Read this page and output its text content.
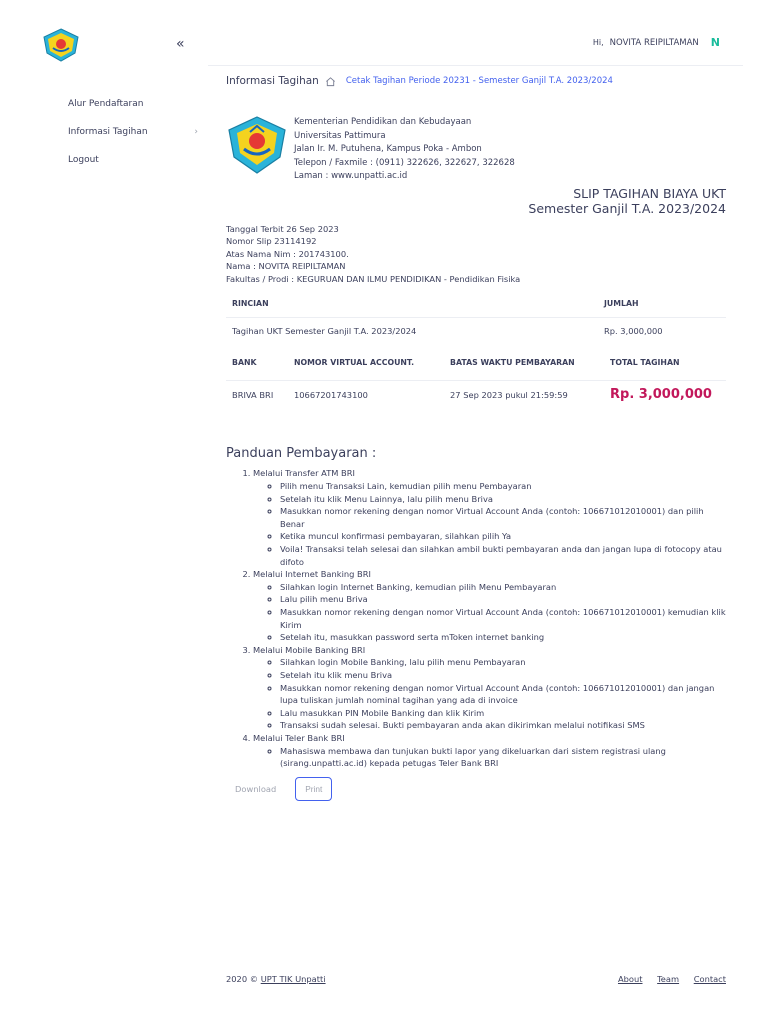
«
Alur Pendaftaran
Informasi Tagihan	›
Logout
Hi, NOVITA REIPILTAMAN N
Informasi Tagihan	Cetak Tagihan Periode 20231 - Semester Ganjil T.A. 2023/2024
Kementerian Pendidikan dan Kebudayaan
Universitas Pattimura
Jalan Ir. M. Putuhena, Kampus Poka - Ambon
Telepon / Faxmile : (0911) 322626, 322627, 322628
Laman : www.unpatti.ac.id
SLIP TAGIHAN BIAYA UKT
Semester Ganjil T.A. 2023/2024
Tanggal Terbit 26 Sep 2023
Nomor Slip 23114192
Atas Nama Nim : 201743100.
Nama : NOVITA REIPILTAMAN
Fakultas / Prodi : KEGURUAN DAN ILMU PENDIDIKAN - Pendidikan Fisika
RINCIAN	JUMLAH
Tagihan UKT Semester Ganjil T.A. 2023/2024	Rp. 3,000,000
BANK	NOMOR VIRTUAL ACCOUNT.	BATAS WAKTU PEMBAYARAN	TOTAL TAGIHAN
BRIVA BRI	10667201743100	27 Sep 2023 pukul 21:59:59	Rp. 3,000,000
Panduan Pembayaran :
1. Melalui Transfer ATM BRI
◦ Pilih menu Transaksi Lain, kemudian pilih menu Pembayaran
◦ Setelah itu klik Menu Lainnya, lalu pilih menu Briva
◦ Masukkan nomor rekening dengan nomor Virtual Account Anda (contoh: 106671012010001) dan pilih Benar
◦ Ketika muncul konfirmasi pembayaran, silahkan pilih Ya
◦ Voila! Transaksi telah selesai dan silahkan ambil bukti pembayaran anda dan jangan lupa di fotocopy atau difoto
2. Melalui Internet Banking BRI
◦ Silahkan login Internet Banking, kemudian pilih Menu Pembayaran
◦ Lalu pilih menu Briva
◦ Masukkan nomor rekening dengan nomor Virtual Account Anda (contoh: 106671012010001) kemudian klik Kirim
◦ Setelah itu, masukkan password serta mToken internet banking
3. Melalui Mobile Banking BRI
◦ Silahkan login Mobile Banking, lalu pilih menu Pembayaran
◦ Setelah itu klik menu Briva
◦ Masukkan nomor rekening dengan nomor Virtual Account Anda (contoh: 106671012010001) dan jangan lupa tuliskan jumlah nominal tagihan yang ada di invoice
◦ Lalu masukkan PIN Mobile Banking dan klik Kirim
◦ Transaksi sudah selesai. Bukti pembayaran anda akan dikirimkan melalui notifikasi SMS
4. Melalui Teler Bank BRI
◦ Mahasiswa membawa dan tunjukan bukti lapor yang dikeluarkan dari sistem registrasi ulang (sirang.unpatti.ac.id) kepada petugas Teler Bank BRI
Download	Print
2020 © UPT TIK Unpatti	About Team Contact
